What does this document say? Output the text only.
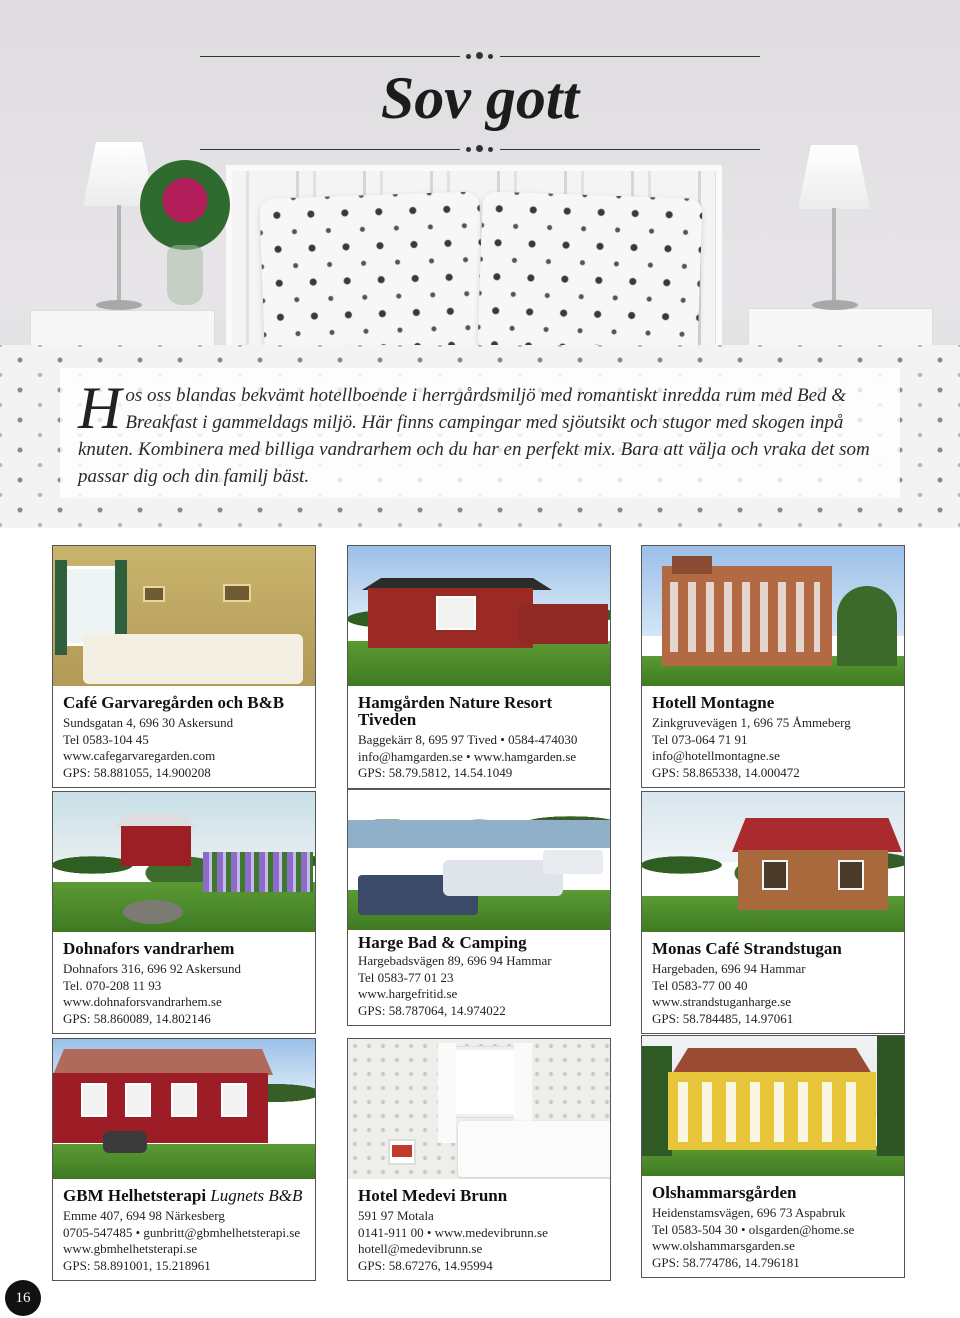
Sov gott

Hos oss blandas bekvämt hotellboende i herrgårdsmiljö med romantiskt inredda rum med Bed & Breakfast i gammeldags miljö. Här finns campingar med sjöutsikt och stugor med skogen inpå knuten. Kombinera med billiga vandrarhem och du har en perfekt mix. Bara att välja och vraka det som passar dig och din familj bäst.

Café Garvaregården och B&B
Sundsgatan 4, 696 30 Askersund
Tel 0583-104 45
www.cafegarvaregarden.com
GPS: 58.881055, 14.900208
Hamgården Nature Resort Tiveden
Baggekärr 8, 695 97 Tived • 0584-474030
info@hamgarden.se • www.hamgarden.se
GPS: 58.79.5812, 14.54.1049
Hotell Montagne
Zinkgruvevägen 1, 696 75 Åmmeberg
Tel 073-064 71 91
info@hotellmontagne.se
GPS: 58.865338, 14.000472
Dohnafors vandrarhem
Dohnafors 316, 696 92 Askersund
Tel. 070-208 11 93
www.dohnaforsvandrarhem.se
GPS: 58.860089, 14.802146
Harge Bad & Camping
Hargebadsvägen 89, 696 94 Hammar
Tel 0583-77 01 23
www.hargefritid.se
GPS: 58.787064, 14.974022
Monas Café Strandstugan
Hargebaden, 696 94 Hammar
Tel 0583-77 00 40
www.strandstuganharge.se
GPS: 58.784485, 14.97061
GBM Helhetsterapi Lugnets B&B
Emme 407, 694 98 Närkesberg
0705-547485 • gunbritt@gbmhelhetsterapi.se
www.gbmhelhetsterapi.se
GPS: 58.891001, 15.218961
Hotel Medevi Brunn
591 97 Motala
0141-911 00 • www.medevibrunn.se
hotell@medevibrunn.se
GPS: 58.67276, 14.95994
Olshammarsgården
Heidenstamsvägen, 696 73 Aspabruk
Tel 0583-504 30 • olsgarden@home.se
www.olshammarsgarden.se
GPS: 58.774786, 14.796181
16
